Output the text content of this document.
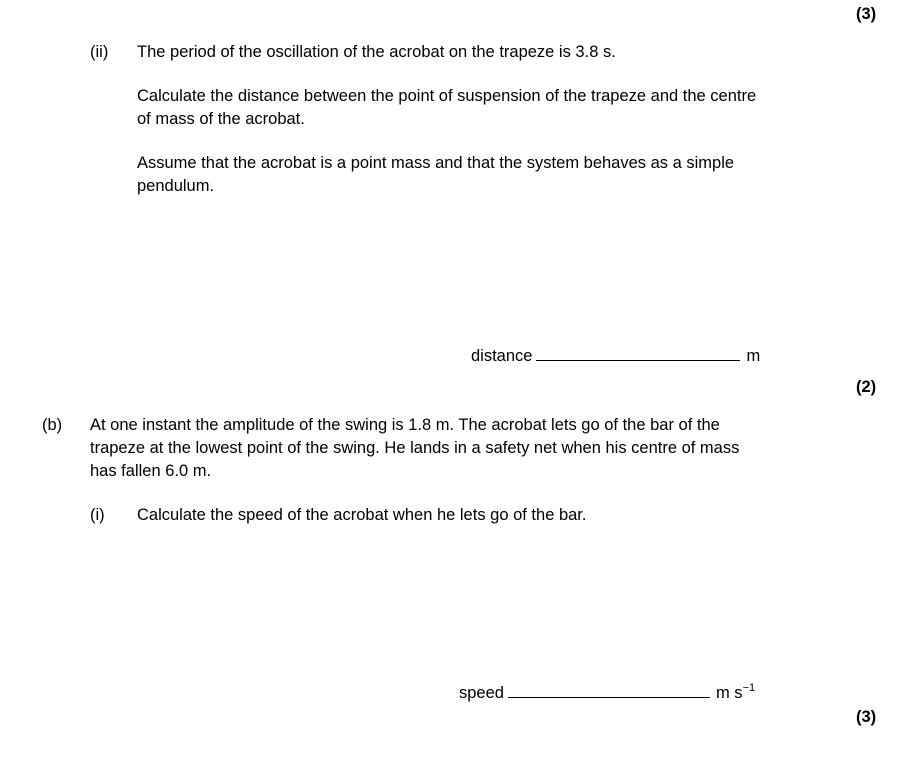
(3)
(ii) The period of the oscillation of the acrobat on the trapeze is 3.8 s.
Calculate the distance between the point of suspension of the trapeze and the centre
of mass of the acrobat.
Assume that the acrobat is a point mass and that the system behaves as a simple
pendulum.
distance	m
(2)
(b) At one instant the amplitude of the swing is 1.8 m. The acrobat lets go of the bar of the
trapeze at the lowest point of the swing. He lands in a safety net when his centre of mass
has fallen 6.0 m.
(i) Calculate the speed of the acrobat when he lets go of the bar.
speed	m $s^{-1}$
(3)
